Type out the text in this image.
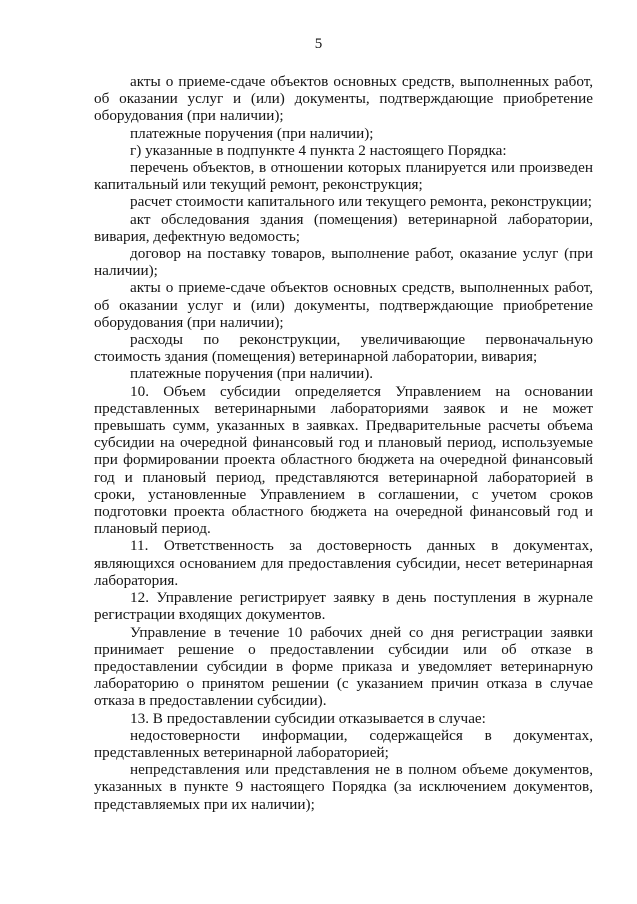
5

акты о приеме-сдаче объектов основных средств, выполненных работ, об оказании услуг и (или) документы, подтверждающие приобретение оборудования (при наличии);

платежные поручения (при наличии);

г) указанные в подпункте 4 пункта 2 настоящего Порядка:

перечень объектов, в отношении которых планируется или произведен капитальный или текущий ремонт, реконструкция;

расчет стоимости капитального или текущего ремонта, реконструкции;

акт обследования здания (помещения) ветеринарной лаборатории, вивария, дефектную ведомость;

договор на поставку товаров, выполнение работ, оказание услуг (при наличии);

акты о приеме-сдаче объектов основных средств, выполненных работ, об оказании услуг и (или) документы, подтверждающие приобретение оборудования (при наличии);

расходы по реконструкции, увеличивающие первоначальную стоимость здания (помещения) ветеринарной лаборатории, вивария;

платежные поручения (при наличии).

10. Объем субсидии определяется Управлением на основании представленных ветеринарными лабораториями заявок и не может превышать сумм, указанных в заявках. Предварительные расчеты объема субсидии на очередной финансовый год и плановый период, используемые при формировании проекта областного бюджета на очередной финансовый год и плановый период, представляются ветеринарной лабораторией в сроки, установленные Управлением в соглашении, с учетом сроков подготовки проекта областного бюджета на очередной финансовый год и плановый период.

11. Ответственность за достоверность данных в документах, являющихся основанием для предоставления субсидии, несет ветеринарная лаборатория.

12. Управление регистрирует заявку в день поступления в журнале регистрации входящих документов.

Управление в течение 10 рабочих дней со дня регистрации заявки принимает решение о предоставлении субсидии или об отказе в предоставлении субсидии в форме приказа и уведомляет ветеринарную лабораторию о принятом решении (с указанием причин отказа в случае отказа в предоставлении субсидии).

13. В предоставлении субсидии отказывается в случае:

недостоверности информации, содержащейся в документах, представленных ветеринарной лабораторией;

непредставления или представления не в полном объеме документов, указанных в пункте 9 настоящего Порядка (за исключением документов, представляемых при их наличии);
